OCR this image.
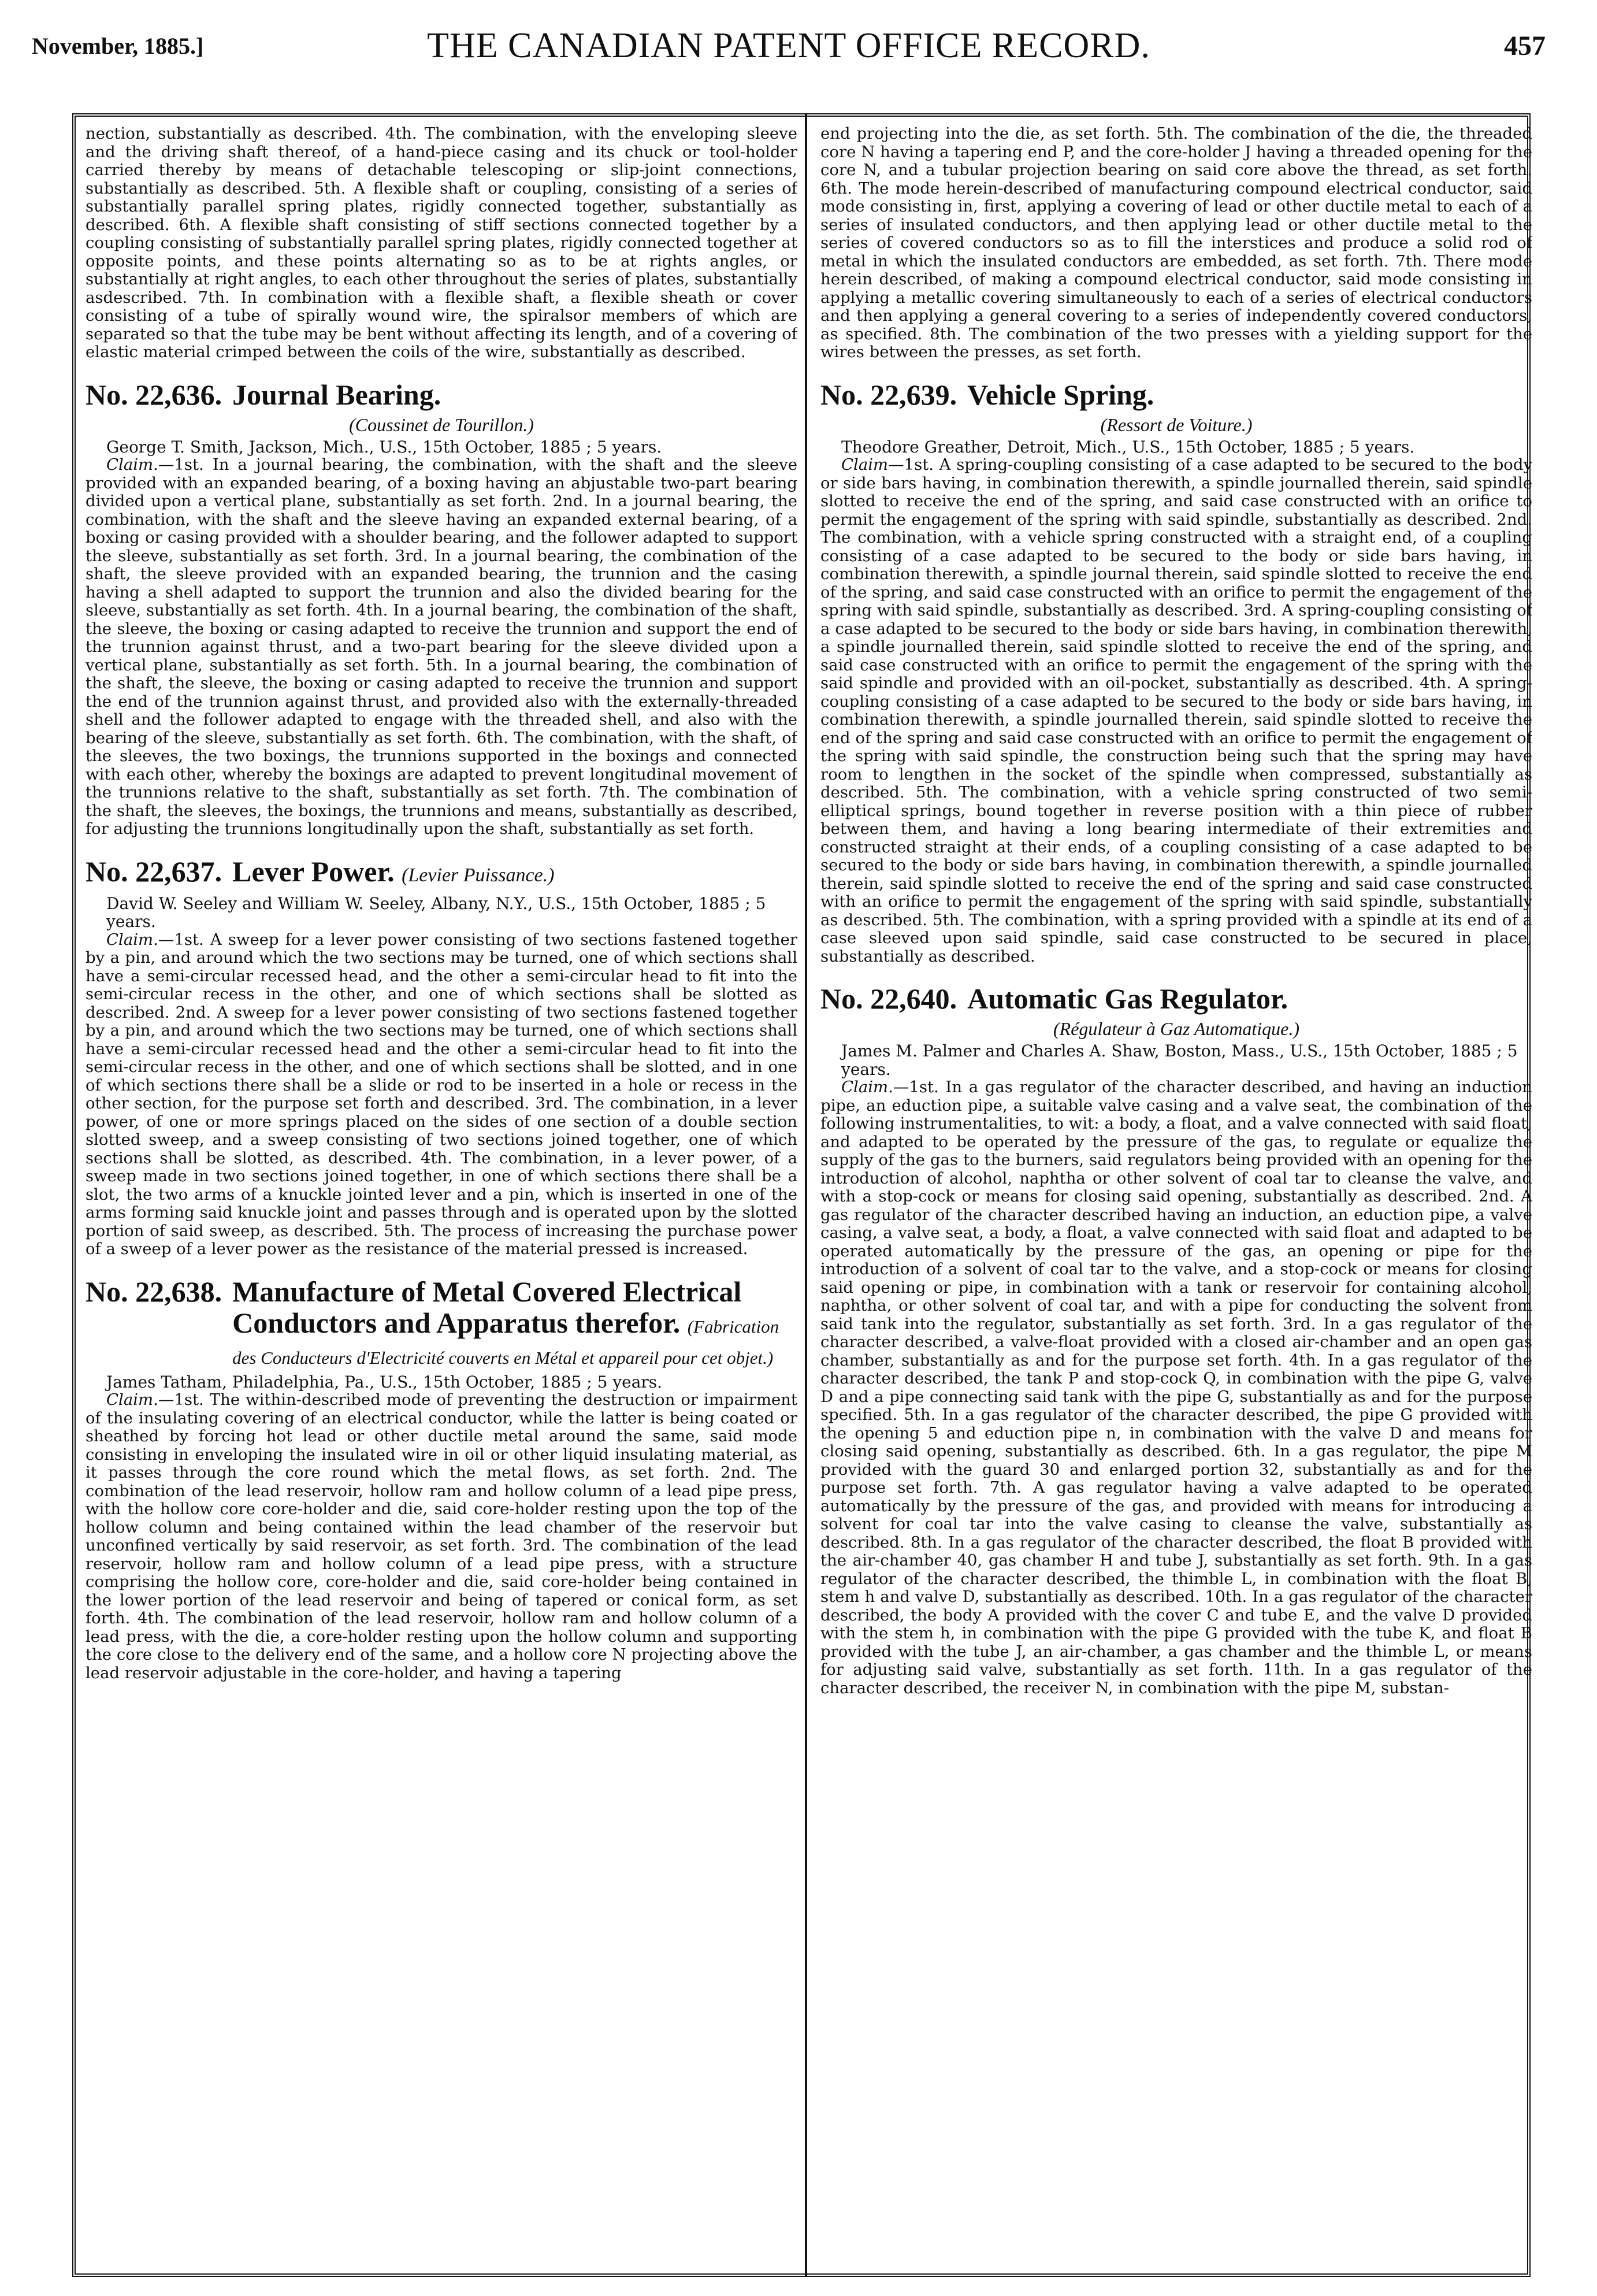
November, 1885.]	THE CANADIAN PATENT OFFICE RECORD.	457

nection, substantially as described. 4th. The combination, with the enveloping sleeve and the driving shaft thereof, of a hand-piece casing and its chuck or tool-holder carried thereby by means of detachable telescoping or slip-joint connections, substantially as described. 5th. A flexible shaft or coupling, consisting of a series of substantially parallel spring plates, rigidly connected together, substantially as described. 6th. A flexible shaft consisting of stiff sections connected together by a coupling consisting of substantially parallel spring plates, rigidly connected together at opposite points, and these points alternating so as to be at rights angles, or substantially at right angles, to each other throughout the series of plates, substantially asdescribed. 7th. In combination with a flexible shaft, a flexible sheath or cover consisting of a tube of spirally wound wire, the spiralsor members of which are separated so that the tube may be bent without affecting its length, and of a covering of elastic material crimped between the coils of the wire, substantially as described.

No. 22,636. Journal Bearing.
(Coussinet de Tourillon.)

George T. Smith, Jackson, Mich., U.S., 15th October, 1885 ; 5 years.

Claim.—1st. In a journal bearing, the combination, with the shaft and the sleeve provided with an expanded bearing, of a boxing having an abjustable two-part bearing divided upon a vertical plane, substantially as set forth. 2nd. In a journal bearing, the combination, with the shaft and the sleeve having an expanded external bearing, of a boxing or casing provided with a shoulder bearing, and the follower adapted to support the sleeve, substantially as set forth. 3rd. In a journal bearing, the combination of the shaft, the sleeve provided with an expanded bearing, the trunnion and the casing having a shell adapted to support the trunnion and also the divided bearing for the sleeve, substantially as set forth. 4th. In a journal bearing, the combination of the shaft, the sleeve, the boxing or casing adapted to receive the trunnion and support the end of the trunnion against thrust, and a two-part bearing for the sleeve divided upon a vertical plane, substantially as set forth. 5th. In a journal bearing, the combination of the shaft, the sleeve, the boxing or casing adapted to receive the trunnion and support the end of the trunnion against thrust, and provided also with the externally-threaded shell and the follower adapted to engage with the threaded shell, and also with the bearing of the sleeve, substantially as set forth. 6th. The combination, with the shaft, of the sleeves, the two boxings, the trunnions supported in the boxings and connected with each other, whereby the boxings are adapted to prevent longitudinal movement of the trunnions relative to the shaft, substantially as set forth. 7th. The combination of the shaft, the sleeves, the boxings, the trunnions and means, substantially as described, for adjusting the trunnions longitudinally upon the shaft, substantially as set forth.

No. 22,637. Lever Power. (Levier Puissance.)

David W. Seeley and William W. Seeley, Albany, N.Y., U.S., 15th October, 1885 ; 5 years.

Claim.—1st. A sweep for a lever power consisting of two sections fastened together by a pin, and around which the two sections may be turned, one of which sections shall have a semi-circular recessed head, and the other a semi-circular head to fit into the semi-circular recess in the other, and one of which sections shall be slotted as described. 2nd. A sweep for a lever power consisting of two sections fastened together by a pin, and around which the two sections may be turned, one of which sections shall have a semi-circular recessed head and the other a semi-circular head to fit into the semi-circular recess in the other, and one of which sections shall be slotted, and in one of which sections there shall be a slide or rod to be inserted in a hole or recess in the other section, for the purpose set forth and described. 3rd. The combination, in a lever power, of one or more springs placed on the sides of one section of a double section slotted sweep, and a sweep consisting of two sections joined together, one of which sections shall be slotted, as described. 4th. The combination, in a lever power, of a sweep made in two sections joined together, in one of which sections there shall be a slot, the two arms of a knuckle jointed lever and a pin, which is inserted in one of the arms forming said knuckle joint and passes through and is operated upon by the slotted portion of said sweep, as described. 5th. The process of increasing the purchase power of a sweep of a lever power as the resistance of the material pressed is increased.

No. 22,638. Manufacture of Metal Covered Electrical Conductors and Apparatus therefor. (Fabrication des Conducteurs d'Electricité couverts en Métal et appareil pour cet objet.)

James Tatham, Philadelphia, Pa., U.S., 15th October, 1885 ; 5 years.

Claim.—1st. The within-described mode of preventing the destruction or impairment of the insulating covering of an electrical conductor, while the latter is being coated or sheathed by forcing hot lead or other ductile metal around the same, said mode consisting in enveloping the insulated wire in oil or other liquid insulating material, as it passes through the core round which the metal flows, as set forth. 2nd. The combination of the lead reservoir, hollow ram and hollow column of a lead pipe press, with the hollow core core-holder and die, said core-holder resting upon the top of the hollow column and being contained within the lead chamber of the reservoir but unconfined vertically by said reservoir, as set forth. 3rd. The combination of the lead reservoir, hollow ram and hollow column of a lead pipe press, with a structure comprising the hollow core, core-holder and die, said core-holder being contained in the lower portion of the lead reservoir and being of tapered or conical form, as set forth. 4th. The combination of the lead reservoir, hollow ram and hollow column of a lead press, with the die, a core-holder resting upon the hollow column and supporting the core close to the delivery end of the same, and a hollow core N projecting above the lead reservoir adjustable in the core-holder, and having a tapering

end projecting into the die, as set forth. 5th. The combination of the die, the threaded core N having a tapering end P, and the core-holder J having a threaded opening for the core N, and a tubular projection bearing on said core above the thread, as set forth. 6th. The mode herein-described of manufacturing compound electrical conductor, said mode consisting in, first, applying a covering of lead or other ductile metal to each of a series of insulated conductors, and then applying lead or other ductile metal to the series of covered conductors so as to fill the interstices and produce a solid rod of metal in which the insulated conductors are embedded, as set forth. 7th. There mode herein described, of making a compound electrical conductor, said mode consisting in applying a metallic covering simultaneously to each of a series of electrical conductors and then applying a general covering to a series of independently covered conductors, as specified. 8th. The combination of the two presses with a yielding support for the wires between the presses, as set forth.

No. 22,639. Vehicle Spring.
(Ressort de Voiture.)

Theodore Greather, Detroit, Mich., U.S., 15th October, 1885 ; 5 years.

Claim—1st. A spring-coupling consisting of a case adapted to be secured to the body or side bars having, in combination therewith, a spindle journalled therein, said spindle slotted to receive the end of the spring, and said case constructed with an orifice to permit the engagement of the spring with said spindle, substantially as described. 2nd. The combination, with a vehicle spring constructed with a straight end, of a coupling consisting of a case adapted to be secured to the body or side bars having, in combination therewith, a spindle journal therein, said spindle slotted to receive the end of the spring, and said case constructed with an orifice to permit the engagement of the spring with said spindle, substantially as described. 3rd. A spring-coupling consisting of a case adapted to be secured to the body or side bars having, in combination therewith, a spindle journalled therein, said spindle slotted to receive the end of the spring, and said case constructed with an orifice to permit the engagement of the spring with the said spindle and provided with an oil-pocket, substantially as described. 4th. A spring-coupling consisting of a case adapted to be secured to the body or side bars having, in combination therewith, a spindle journalled therein, said spindle slotted to receive the end of the spring and said case constructed with an orifice to permit the engagement of the spring with said spindle, the construction being such that the spring may have room to lengthen in the socket of the spindle when compressed, substantially as described. 5th. The combination, with a vehicle spring constructed of two semi-elliptical springs, bound together in reverse position with a thin piece of rubber between them, and having a long bearing intermediate of their extremities and constructed straight at their ends, of a coupling consisting of a case adapted to be secured to the body or side bars having, in combination therewith, a spindle journalled therein, said spindle slotted to receive the end of the spring and said case constructed with an orifice to permit the engagement of the spring with said spindle, substantially as described. 5th. The combination, with a spring provided with a spindle at its end of a case sleeved upon said spindle, said case constructed to be secured in place, substantially as described.

No. 22,640. Automatic Gas Regulator.
(Régulateur à Gaz Automatique.)

James M. Palmer and Charles A. Shaw, Boston, Mass., U.S., 15th October, 1885 ; 5 years.

Claim.—1st. In a gas regulator of the character described, and having an induction pipe, an eduction pipe, a suitable valve casing and a valve seat, the combination of the following instrumentalities, to wit: a body, a float, and a valve connected with said float, and adapted to be operated by the pressure of the gas, to regulate or equalize the supply of the gas to the burners, said regulators being provided with an opening for the introduction of alcohol, naphtha or other solvent of coal tar to cleanse the valve, and with a stop-cock or means for closing said opening, substantially as described. 2nd. A gas regulator of the character described having an induction, an eduction pipe, a valve casing, a valve seat, a body, a float, a valve connected with said float and adapted to be operated automatically by the pressure of the gas, an opening or pipe for the introduction of a solvent of coal tar to the valve, and a stop-cock or means for closing said opening or pipe, in combination with a tank or reservoir for containing alcohol, naphtha, or other solvent of coal tar, and with a pipe for conducting the solvent from said tank into the regulator, substantially as set forth. 3rd. In a gas regulator of the character described, a valve-float provided with a closed air-chamber and an open gas chamber, substantially as and for the purpose set forth. 4th. In a gas regulator of the character described, the tank P and stop-cock Q, in combination with the pipe G, valve D and a pipe connecting said tank with the pipe G, substantially as and for the purpose specified. 5th. In a gas regulator of the character described, the pipe G provided with the opening 5 and eduction pipe n, in combination with the valve D and means for closing said opening, substantially as described. 6th. In a gas regulator, the pipe M provided with the guard 30 and enlarged portion 32, substantially as and for the purpose set forth. 7th. A gas regulator having a valve adapted to be operated automatically by the pressure of the gas, and provided with means for introducing a solvent for coal tar into the valve casing to cleanse the valve, substantially as described. 8th. In a gas regulator of the character described, the float B provided with the air-chamber 40, gas chamber H and tube J, substantially as set forth. 9th. In a gas regulator of the character described, the thimble L, in combination with the float B, stem h and valve D, substantially as described. 10th. In a gas regulator of the character described, the body A provided with the cover C and tube E, and the valve D provided with the stem h, in combination with the pipe G provided with the tube K, and float B provided with the tube J, an air-chamber, a gas chamber and the thimble L, or means for adjusting said valve, substantially as set forth. 11th. In a gas regulator of the character described, the receiver N, in combination with the pipe M, substan-
